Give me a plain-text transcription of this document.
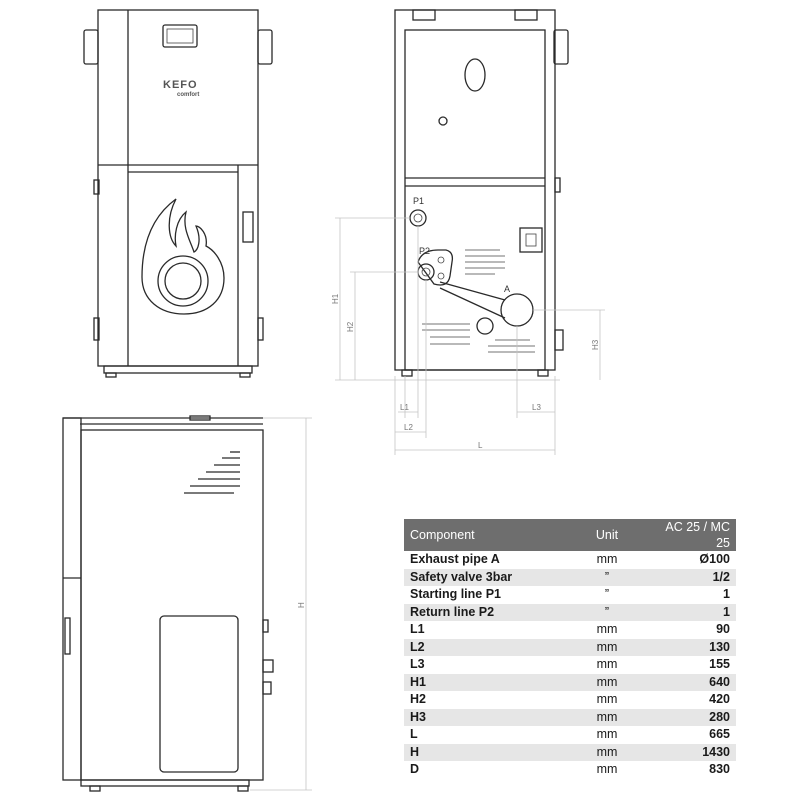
KEFO
comfort
P1
P2
A
H1
H2
H3
L1
L2
L3
L
H
Component	Unit	AC 25 / MC 25
Exhaust pipe A	mm	Ø100
Safety valve 3bar	”	1/2
Starting line P1	”	1
Return line P2	”	1
L1	mm	90
L2	mm	130
L3	mm	155
H1	mm	640
H2	mm	420
H3	mm	280
L	mm	665
H	mm	1430
D	mm	830
